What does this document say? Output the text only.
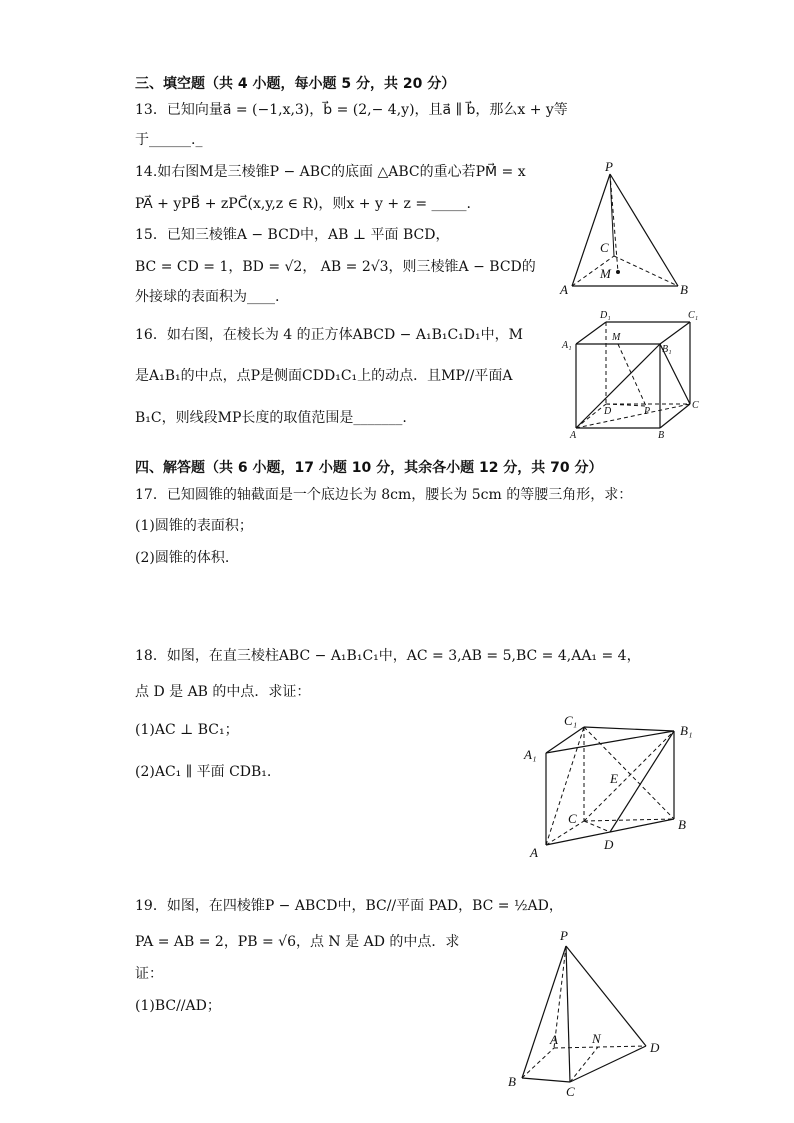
三、填空题（共 4 小题，每小题 5 分，共 20 分）
13．已知向量a⃗ = (−1,x,3)，b⃗ = (2,− 4,y)，且a⃗ ∥ b⃗，那么x + y等
于______._
14.如右图M是三棱锥P − ABC的底面 △ABC的重心若PM⃗ = x
PA⃗ + yPB⃗ + zPC⃗(x,y,z ∈ R)，则x + y + z = _____.
15．已知三棱锥A − BCD中，AB ⊥ 平面 BCD，
BC = CD = 1，BD = √2， AB = 2√3，则三棱锥A − BCD的
外接球的表面积为____.
16．如右图，在棱长为 4 的正方体ABCD − A₁B₁C₁D₁中，M
是A₁B₁的中点，点P是侧面CDD₁C₁上的动点．且MP//平面A
B₁C，则线段MP长度的取值范围是_______.
四、解答题（共 6 小题，17 小题 10 分，其余各小题 12 分，共 70 分）
17．已知圆锥的轴截面是一个底边长为 8cm，腰长为 5cm 的等腰三角形，求：
(1)圆锥的表面积；
(2)圆锥的体积.
18．如图，在直三棱柱ABC − A₁B₁C₁中，AC = 3,AB = 5,BC = 4,AA₁ = 4，
点 D 是 AB 的中点．求证：
(1)AC ⊥ BC₁；
(2)AC₁ ∥ 平面 CDB₁.
19．如图，在四棱锥P − ABCD中，BC//平面 PAD，BC = ½AD，
PA = AB = 2，PB = √6，点 N 是 AD 的中点．求
证：
(1)BC//AD；
P
A	B
C
M
D₁	C₁
A₁	B₁
M
D	P
C
A	B
C₁
B₁
A₁
E
C	B
D
A
P
A	N
D
B
C
